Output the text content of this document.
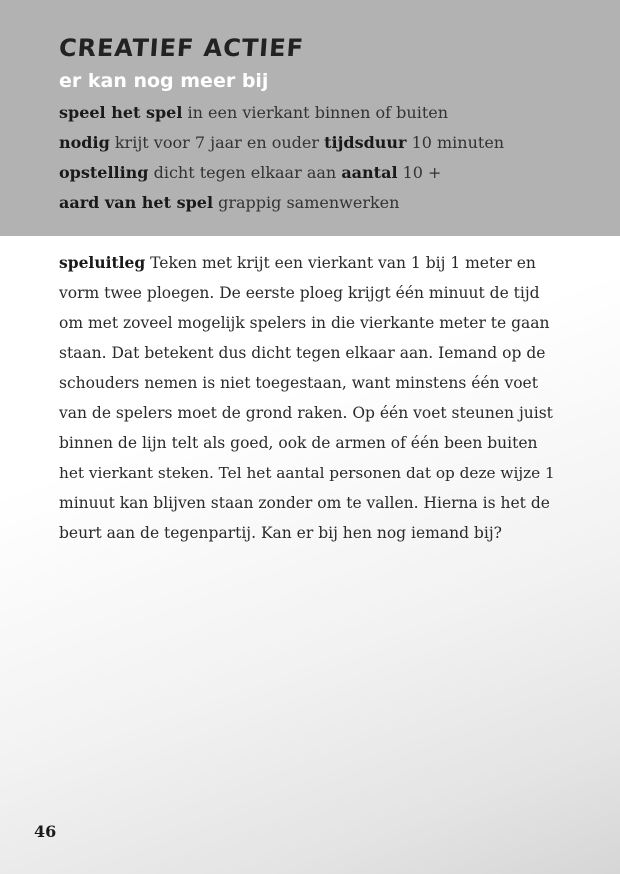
CREATIEF ACTIEF
er kan nog meer bij
speel het spel in een vierkant binnen of buiten
nodig krijt voor 7 jaar en ouder tijdsduur 10 minuten
opstelling dicht tegen elkaar aan aantal 10 +
aard van het spel grappig samenwerken
speluitleg Teken met krijt een vierkant van 1 bij 1 meter en
vorm twee ploegen. De eerste ploeg krijgt één minuut de tijd
om met zoveel mogelijk spelers in die vierkante meter te gaan
staan. Dat betekent dus dicht tegen elkaar aan. Iemand op de
schouders nemen is niet toegestaan, want minstens één voet
van de spelers moet de grond raken. Op één voet steunen juist
binnen de lijn telt als goed, ook de armen of één been buiten
het vierkant steken. Tel het aantal personen dat op deze wijze 1
minuut kan blijven staan zonder om te vallen. Hierna is het de
beurt aan de tegenpartij. Kan er bij hen nog iemand bij?
46
